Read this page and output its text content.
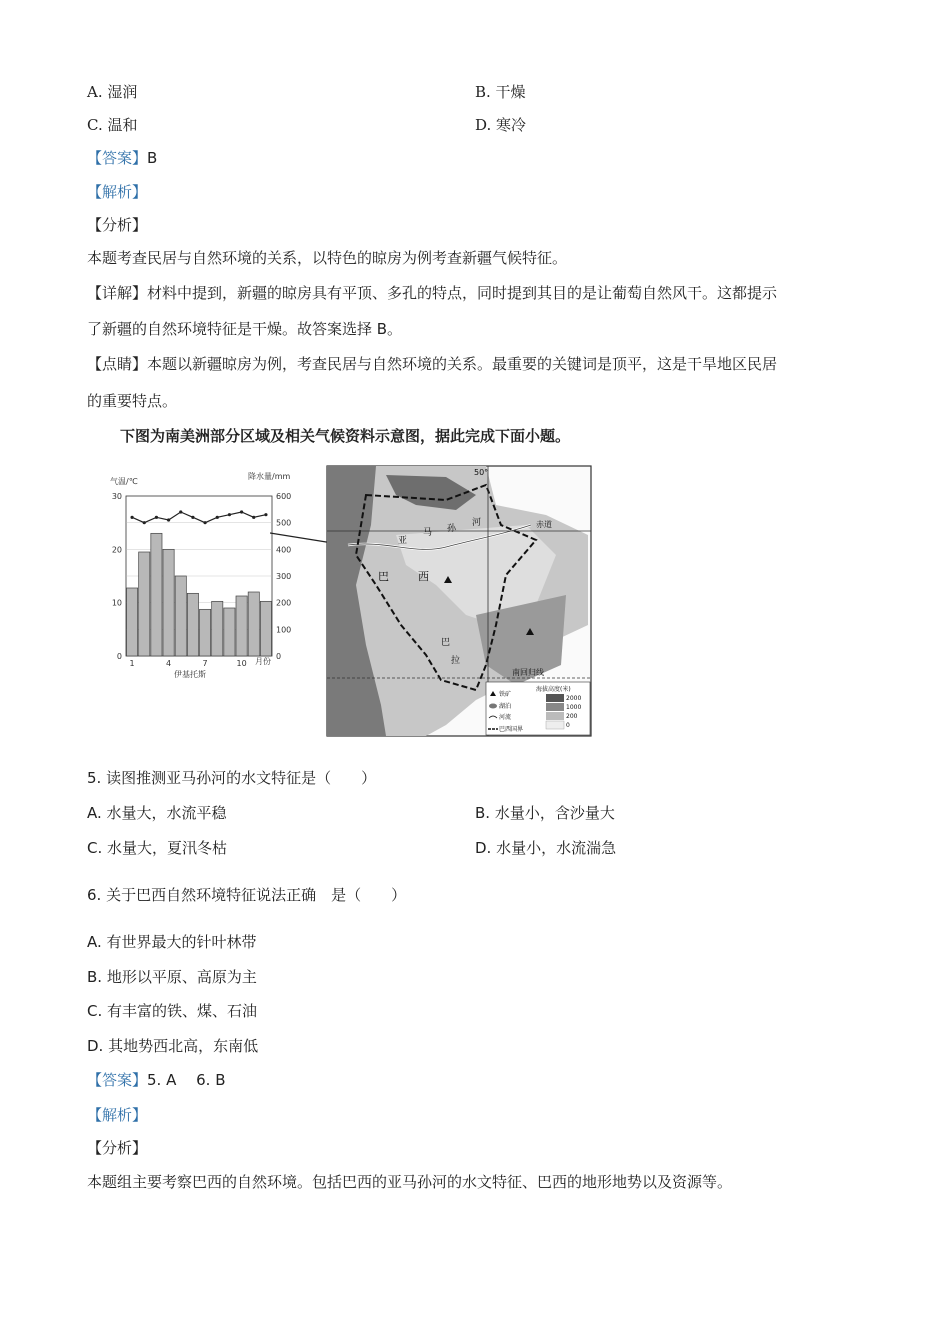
A. 湿润	B. 干燥
C. 温和	D. 寒冷
【答案】B
【解析】
【分析】
本题考查民居与自然环境的关系，以特色的晾房为例考查新疆气候特征。
【详解】材料中提到，新疆的晾房具有平顶、多孔的特点，同时提到其目的是让葡萄自然风干。这都提示
了新疆的自然环境特征是干燥。故答案选择 B。
【点睛】本题以新疆晾房为例，考查民居与自然环境的关系。最重要的关键词是顶平，这是干旱地区民居
的重要特点。
下图为南美洲部分区域及相关气候资料示意图，据此完成下面小题。
气温/℃
降水量/mm
0
10
20
30
0
100
200
300
400
500
600
1	4	7	10 月份
伊基托斯
50°
赤道
南回归线
亚
马 孙
河
巴	西
巴
拉
海拔高度(米)
铁矿
湖泊
河流
巴西国界
2000
1000
200
0
5. 读图推测亚马孙河的水文特征是（　　）
A. 水量大，水流平稳	B. 水量小，含沙量大
C. 水量大，夏汛冬枯	D. 水量小，水流湍急
6. 关于巴西自然环境特征说法正确　是（　　）
A. 有世界最大的针叶林带
B. 地形以平原、高原为主
C. 有丰富的铁、煤、石油
D. 其地势西北高，东南低
【答案】5. A　 6. B
【解析】
【分析】
本题组主要考察巴西的自然环境。包括巴西的亚马孙河的水文特征、巴西的地形地势以及资源等。
